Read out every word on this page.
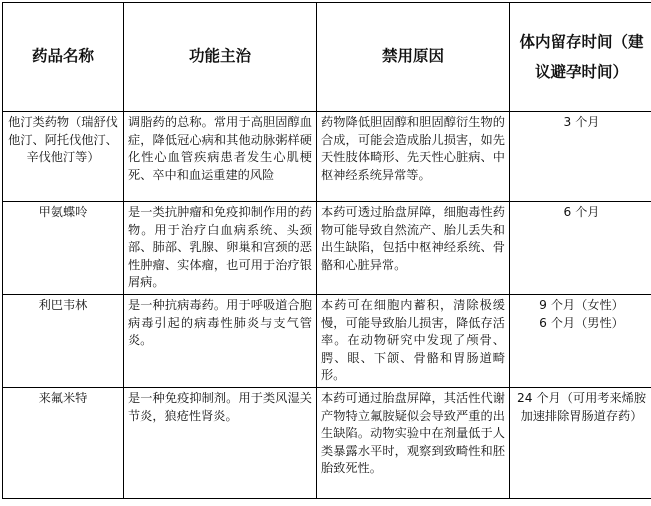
药品名称	功能主治	禁用原因	体内留存时间（建议避孕时间）
他汀类药物（瑞舒伐他汀、阿托伐他汀、辛伐他汀等）	调脂药的总称。常用于高胆固醇血症，降低冠心病和其他动脉粥样硬化性心血管疾病患者发生心肌梗死、卒中和血运重建的风险	药物降低胆固醇和胆固醇衍生物的合成，可能会造成胎儿损害，如先天性肢体畸形、先天性心脏病、中枢神经系统异常等。	3 个月
甲氨蝶呤	是一类抗肿瘤和免疫抑制作用的药物。用于治疗白血病系统、头颈部、肺部、乳腺、卵巢和宫颈的恶性肿瘤、实体瘤，也可用于治疗银屑病。	本药可透过胎盘屏障，细胞毒性药物可能导致自然流产、胎儿丢失和出生缺陷，包括中枢神经系统、骨骼和心脏异常。	6 个月
利巴韦林	是一种抗病毒药。用于呼吸道合胞病毒引起的病毒性肺炎与支气管炎。	本药可在细胞内蓄积，清除极缓慢，可能导致胎儿损害，降低存活率。在动物研究中发现了颅骨、腭、眼、下颌、骨骼和胃肠道畸形。	9 个月（女性）
6 个月（男性）

来氟米特	是一种免疫抑制剂。用于类风湿关节炎，狼疮性肾炎。	本药可通过胎盘屏障，其活性代谢产物特立氟胺疑似会导致严重的出生缺陷。动物实验中在剂量低于人类暴露水平时，观察到致畸性和胚胎致死性。	24 个月（可用考来烯胺加速排除胃肠道存药）
